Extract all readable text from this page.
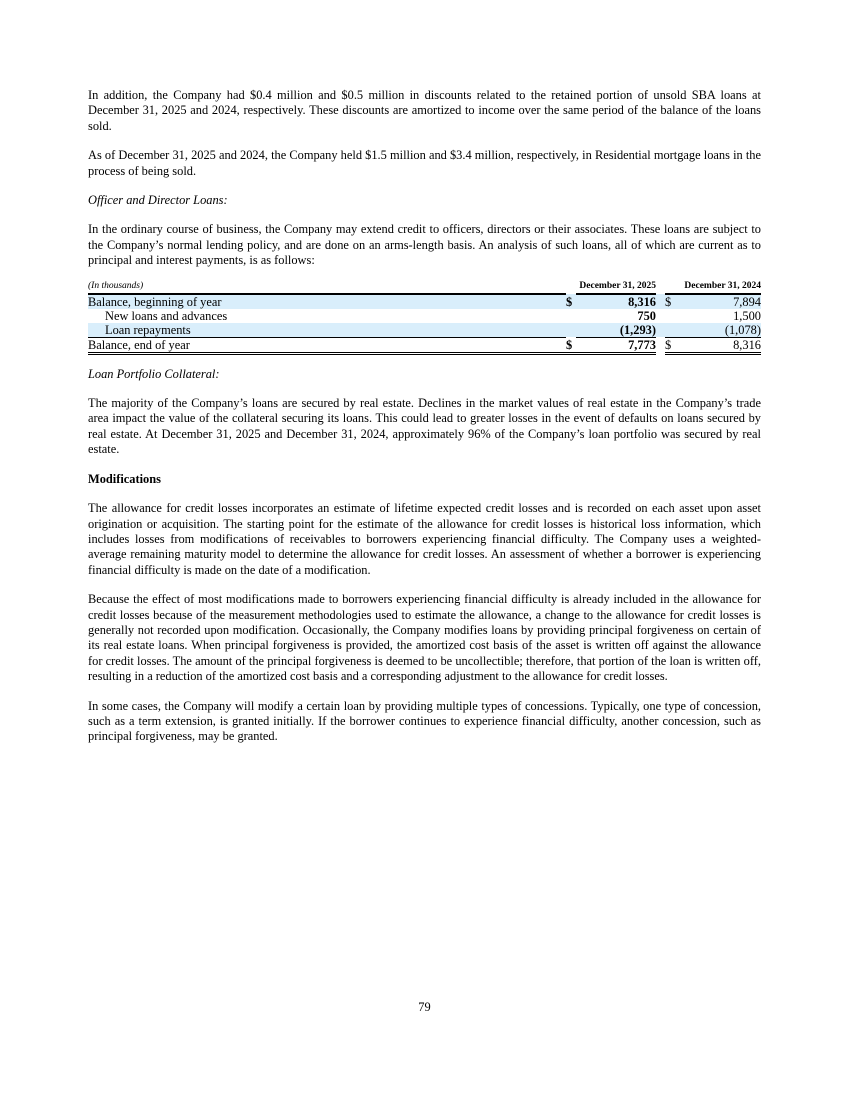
In addition, the Company had $0.4 million and $0.5 million in discounts related to the retained portion of unsold SBA loans at December 31, 2025 and 2024, respectively. These discounts are amortized to income over the same period of the balance of the loans sold.

As of December 31, 2025 and 2024, the Company held $1.5 million and $3.4 million, respectively, in Residential mortgage loans in the process of being sold.

Officer and Director Loans:

In the ordinary course of business, the Company may extend credit to officers, directors or their associates. These loans are subject to the Company’s normal lending policy, and are done on an arms-length basis. An analysis of such loans, all of which are current as to principal and interest payments, is as follows:

(In thousands)		December 31, 2025			December 31, 2024
Balance, beginning of year	$	8,316		$	7,894
New loans and advances		750			1,500
Loan repayments		(1,293)			(1,078)
Balance, end of year	$	7,773		$	8,316

Loan Portfolio Collateral:

The majority of the Company’s loans are secured by real estate. Declines in the market values of real estate in the Company’s trade area impact the value of the collateral securing its loans. This could lead to greater losses in the event of defaults on loans secured by real estate. At December 31, 2025 and December 31, 2024, approximately 96% of the Company’s loan portfolio was secured by real estate.

Modifications

The allowance for credit losses incorporates an estimate of lifetime expected credit losses and is recorded on each asset upon asset origination or acquisition. The starting point for the estimate of the allowance for credit losses is historical loss information, which includes losses from modifications of receivables to borrowers experiencing financial difficulty. The Company uses a weighted-average remaining maturity model to determine the allowance for credit losses. An assessment of whether a borrower is experiencing financial difficulty is made on the date of a modification.

Because the effect of most modifications made to borrowers experiencing financial difficulty is already included in the allowance for credit losses because of the measurement methodologies used to estimate the allowance, a change to the allowance for credit losses is generally not recorded upon modification. Occasionally, the Company modifies loans by providing principal forgiveness on certain of its real estate loans. When principal forgiveness is provided, the amortized cost basis of the asset is written off against the allowance for credit losses. The amount of the principal forgiveness is deemed to be uncollectible; therefore, that portion of the loan is written off, resulting in a reduction of the amortized cost basis and a corresponding adjustment to the allowance for credit losses.

In some cases, the Company will modify a certain loan by providing multiple types of concessions. Typically, one type of concession, such as a term extension, is granted initially. If the borrower continues to experience financial difficulty, another concession, such as principal forgiveness, may be granted.

79
